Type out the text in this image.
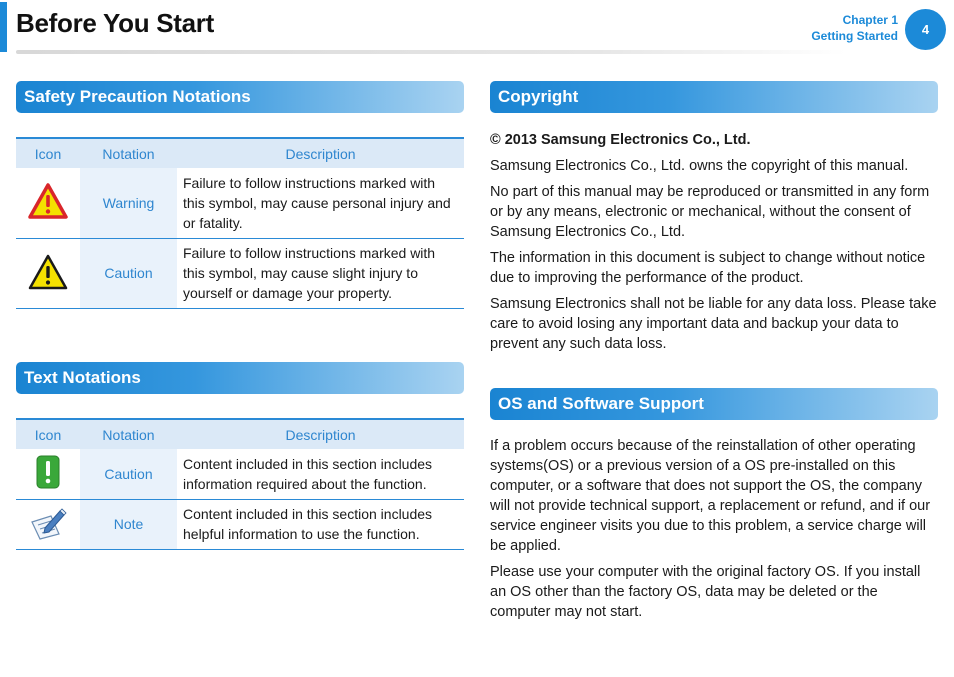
Before You Start	Chapter 1
Getting Started	4
Safety Precaution Notations
Icon	Notation	Description
	Warning	Failure to follow instructions marked with this symbol, may cause personal injury and or fatality.
	Caution	Failure to follow instructions marked with this symbol, may cause slight injury to yourself or damage your property.
Text Notations
Icon	Notation	Description
	Caution	Content included in this section includes information required about the function.
	Note	Content included in this section includes helpful information to use the function.
Copyright

© 2013 Samsung Electronics Co., Ltd.

Samsung Electronics Co., Ltd. owns the copyright of this manual.

No part of this manual may be reproduced or transmitted in any form or by any means, electronic or mechanical, without the consent of Samsung Electronics Co., Ltd.

The information in this document is subject to change without notice due to improving the performance of the product.

Samsung Electronics shall not be liable for any data loss. Please take care to avoid losing any important data and backup your data to prevent any such data loss.

OS and Software Support

If a problem occurs because of the reinstallation of other operating systems(OS) or a previous version of a OS pre-installed on this computer, or a software that does not support the OS, the company will not provide technical support, a replacement or refund, and if our service engineer visits you due to this problem, a service charge will be applied.

Please use your computer with the original factory OS. If you install an OS other than the factory OS, data may be deleted or the computer may not start.
